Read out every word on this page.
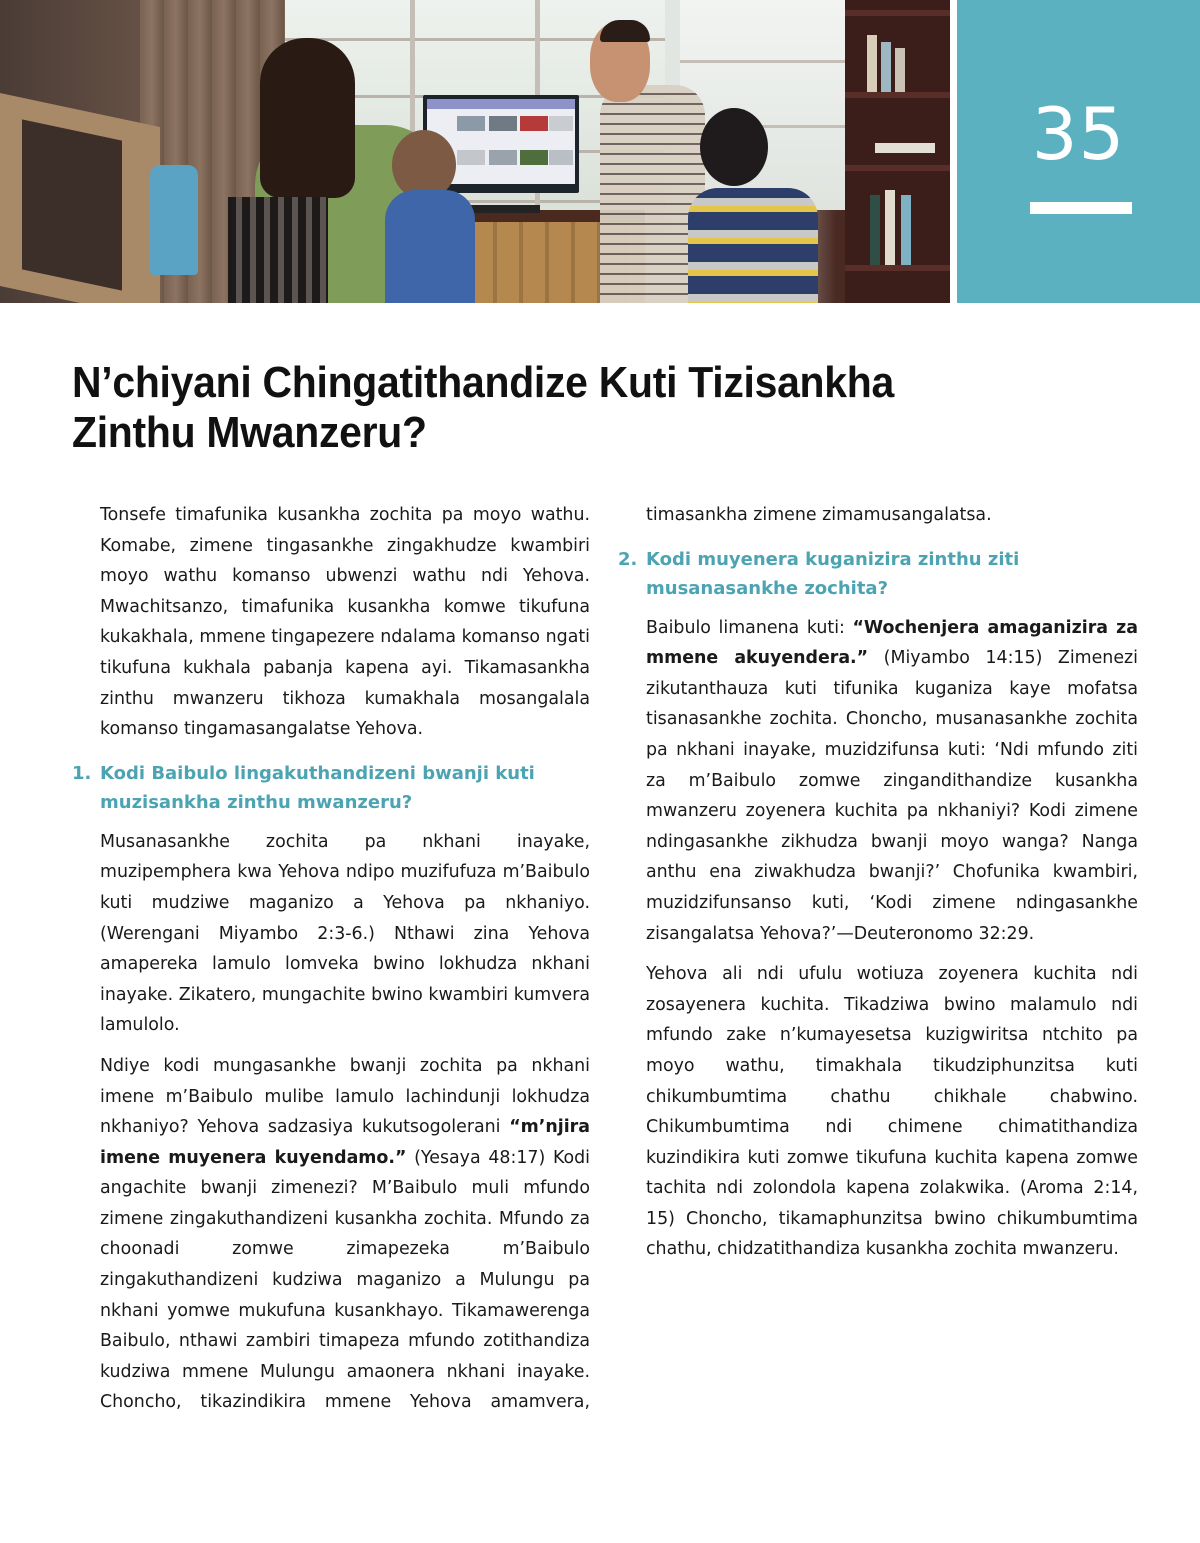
35
N’chiyani Chingatithandize Kuti Tizisankha Zinthu Mwanzeru?

Tonsefe timafunika kusankha zochita pa moyo wathu. Komabe, zimene tingasankhe zingakhudze kwambiri moyo wathu komanso ubwenzi wathu ndi Yehova. Mwachitsanzo, timafunika kusankha komwe tikufuna kukakhala, mmene tingapezere ndalama komanso ngati tikufuna kukhala pabanja kapena ayi. Tikamasankha zinthu mwanzeru tikhoza kumakhala mosangalala komanso tingamasangalatse Yehova.

1. Kodi Baibulo lingakuthandizeni bwanji kuti muzisankha zinthu mwanzeru?

Musanasankhe zochita pa nkhani inayake, muzipemphera kwa Yehova ndipo muzifufuza m’Baibulo kuti mudziwe maganizo a Yehova pa nkhaniyo. (Werengani Miyambo 2:3-6.) Nthawi zina Yehova amapereka lamulo lomveka bwino lokhudza nkhani inayake. Zikatero, mungachite bwino kwambiri kumvera lamulolo.

Ndiye kodi mungasankhe bwanji zochita pa nkhani imene m’Baibulo mulibe lamulo lachindunji lokhudza nkhaniyo? Yehova sadzasiya kukutsogolerani “m’njira imene muyenera kuyendamo.” (Yesaya 48:17) Kodi angachite bwanji zimenezi? M’Baibulo muli mfundo zimene zingakuthandizeni kusankha zochita. Mfundo za choonadi zomwe zimapezeka m’Baibulo zingakuthandizeni kudziwa maganizo a Mulungu pa nkhani yomwe mukufuna kusankhayo. Tikamawerenga Baibulo, nthawi zambiri timapeza mfundo zotithandiza kudziwa mmene Mulungu amaonera nkhani inayake. Choncho, tikazindikira mmene Yehova amamvera,

timasankha zimene zimamusangalatsa.

2. Kodi muyenera kuganizira zinthu ziti musanasankhe zochita?

Baibulo limanena kuti: “Wochenjera amaganizira za mmene akuyendera.” (Miyambo 14:15) Zimenezi zikutanthauza kuti tifunika kuganiza kaye mofatsa tisanasankhe zochita. Choncho, musanasankhe zochita pa nkhani inayake, muzidzifunsa kuti: ‘Ndi mfundo ziti za m’Baibulo zomwe zingandithandize kusankha mwanzeru zoyenera kuchita pa nkhaniyi? Kodi zimene ndingasankhe zikhudza bwanji moyo wanga? Nanga anthu ena ziwakhudza bwanji?’ Chofunika kwambiri, muzidzifunsanso kuti, ‘Kodi zimene ndingasankhe zisangalatsa Yehova?’—Deuteronomo 32:29.

Yehova ali ndi ufulu wotiuza zoyenera kuchita ndi zosayenera kuchita. Tikadziwa bwino malamulo ndi mfundo zake n’kumayesetsa kuzigwiritsa ntchito pa moyo wathu, timakhala tikudziphunzitsa kuti chikumbumtima chathu chikhale chabwino. Chikumbumtima ndi chimene chimatithandiza kuzindikira kuti zomwe tikufuna kuchita kapena zomwe tachita ndi zolondola kapena zolakwika. (Aroma 2:14, 15) Choncho, tikamaphunzitsa bwino chikumbumtima chathu, chidzatithandiza kusankha zochita mwanzeru.
